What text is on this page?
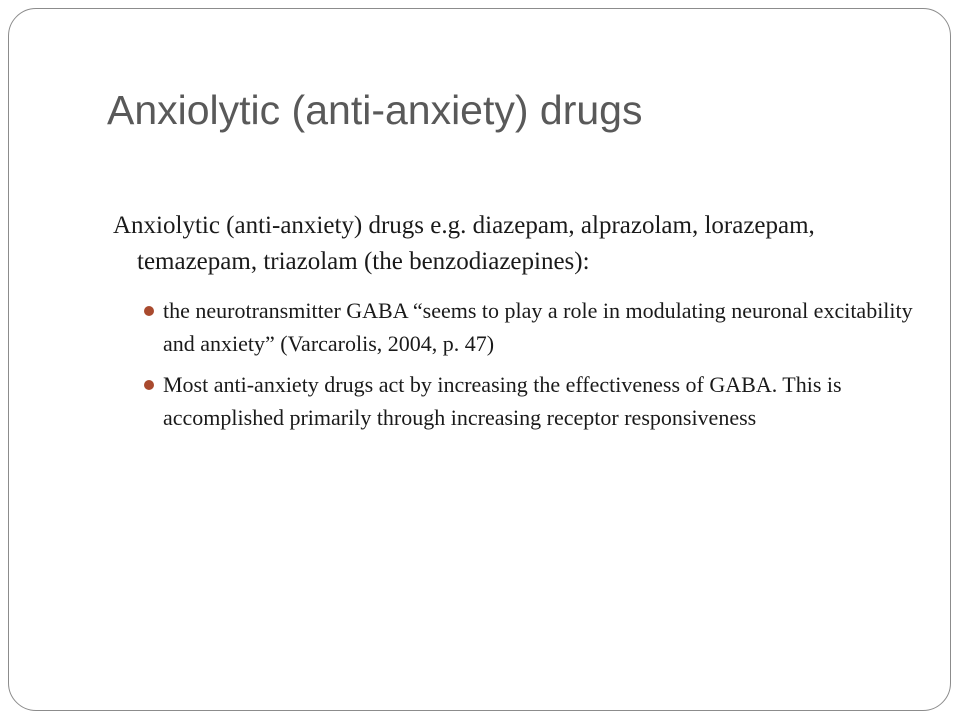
Anxiolytic (anti-anxiety) drugs

Anxiolytic (anti-anxiety) drugs e.g. diazepam, alprazolam, lorazepam, temazepam, triazolam (the benzodiazepines):

the neurotransmitter GABA “seems to play a role in modulating neuronal excitability and anxiety” (Varcarolis, 2004, p. 47)
Most anti-anxiety drugs act by increasing the effectiveness of GABA. This is accomplished primarily through increasing receptor responsiveness
